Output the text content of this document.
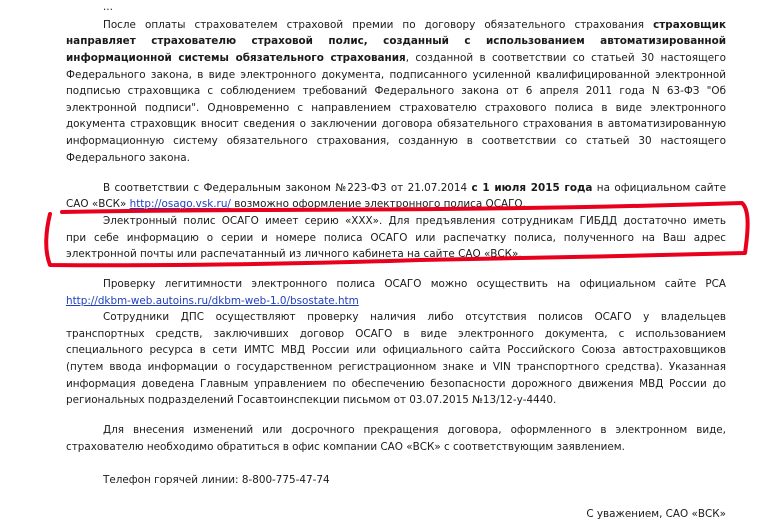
...
После оплаты страхователем страховой премии по договору обязательного страхования страховщик
направляет страхователю страховой полис, созданный с использованием автоматизированной
информационной системы обязательного страхования, созданной в соответствии со статьей 30 настоящего
Федерального закона, в виде электронного документа, подписанного усиленной квалифицированной электронной
подписью страховщика с соблюдением требований Федерального закона от 6 апреля 2011 года N 63-ФЗ "Об
электронной подписи". Одновременно с направлением страхователю страхового полиса в виде электронного
документа страховщик вносит сведения о заключении договора обязательного страхования в автоматизированную
информационную систему обязательного страхования, созданную в соответствии со статьей 30 настоящего
Федерального закона.
В соответствии с Федеральным законом №223-ФЗ от 21.07.2014 с 1 июля 2015 года на официальном сайте
САО «ВСК» http://osago.vsk.ru/ возможно оформление электронного полиса ОСАГО.
Электронный полис ОСАГО имеет серию «ХХХ». Для предъявления сотрудникам ГИБДД достаточно иметь
при себе информацию о серии и номере полиса ОСАГО или распечатку полиса, полученного на Ваш адрес
электронной почты или распечатанный из личного кабинета на сайте САО «ВСК».
Проверку легитимности электронного полиса ОСАГО можно осуществить на официальном сайте РСА
http://dkbm-web.autoins.ru/dkbm-web-1.0/bsostate.htm
Сотрудники ДПС осуществляют проверку наличия либо отсутствия полисов ОСАГО у владельцев
транспортных средств, заключивших договор ОСАГО в виде электронного документа, с использованием
специального ресурса в сети ИМТС МВД России или официального сайта Российского Союза автостраховщиков
(путем ввода информации о государственном регистрационном знаке и VIN транспортного средства). Указанная
информация доведена Главным управлением по обеспечению безопасности дорожного движения МВД России до
региональных подразделений Госавтоинспекции письмом от 03.07.2015 №13/12-у-4440.
Для внесения изменений или досрочного прекращения договора, оформленного в электронном виде,
страхователю необходимо обратиться в офис компании САО «ВСК» с соответствующим заявлением.
Телефон горячей линии: 8-800-775-47-74
С уважением, САО «ВСК»
